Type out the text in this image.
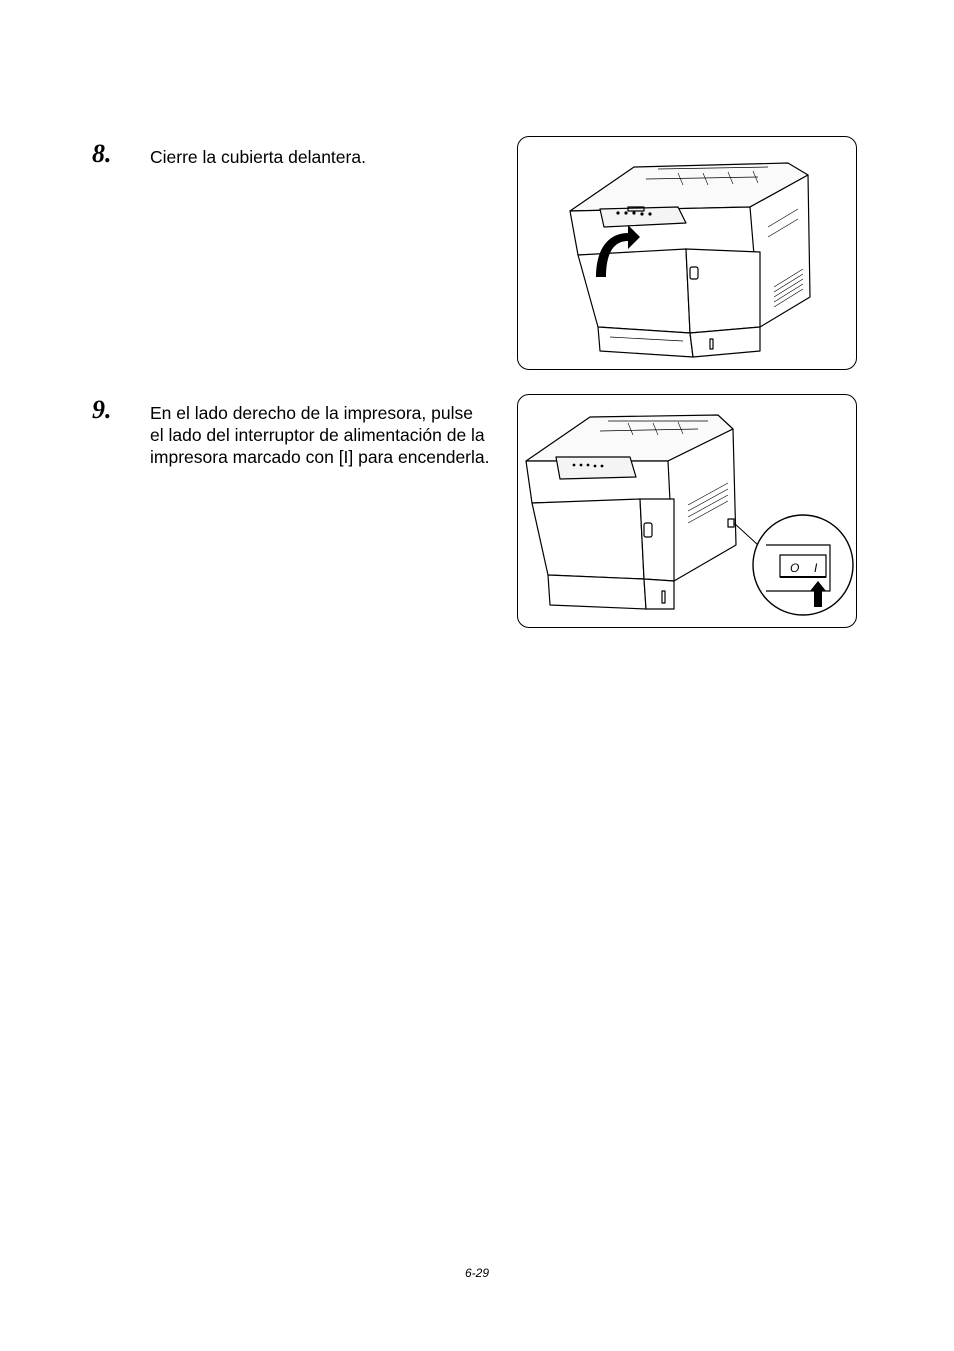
8. Cierre la cubierta delantera.

9. En el lado derecho de la impresora, pulse el lado del interruptor de alimentación de la impresora marcado con [I] para encenderla.

O I
6-29
